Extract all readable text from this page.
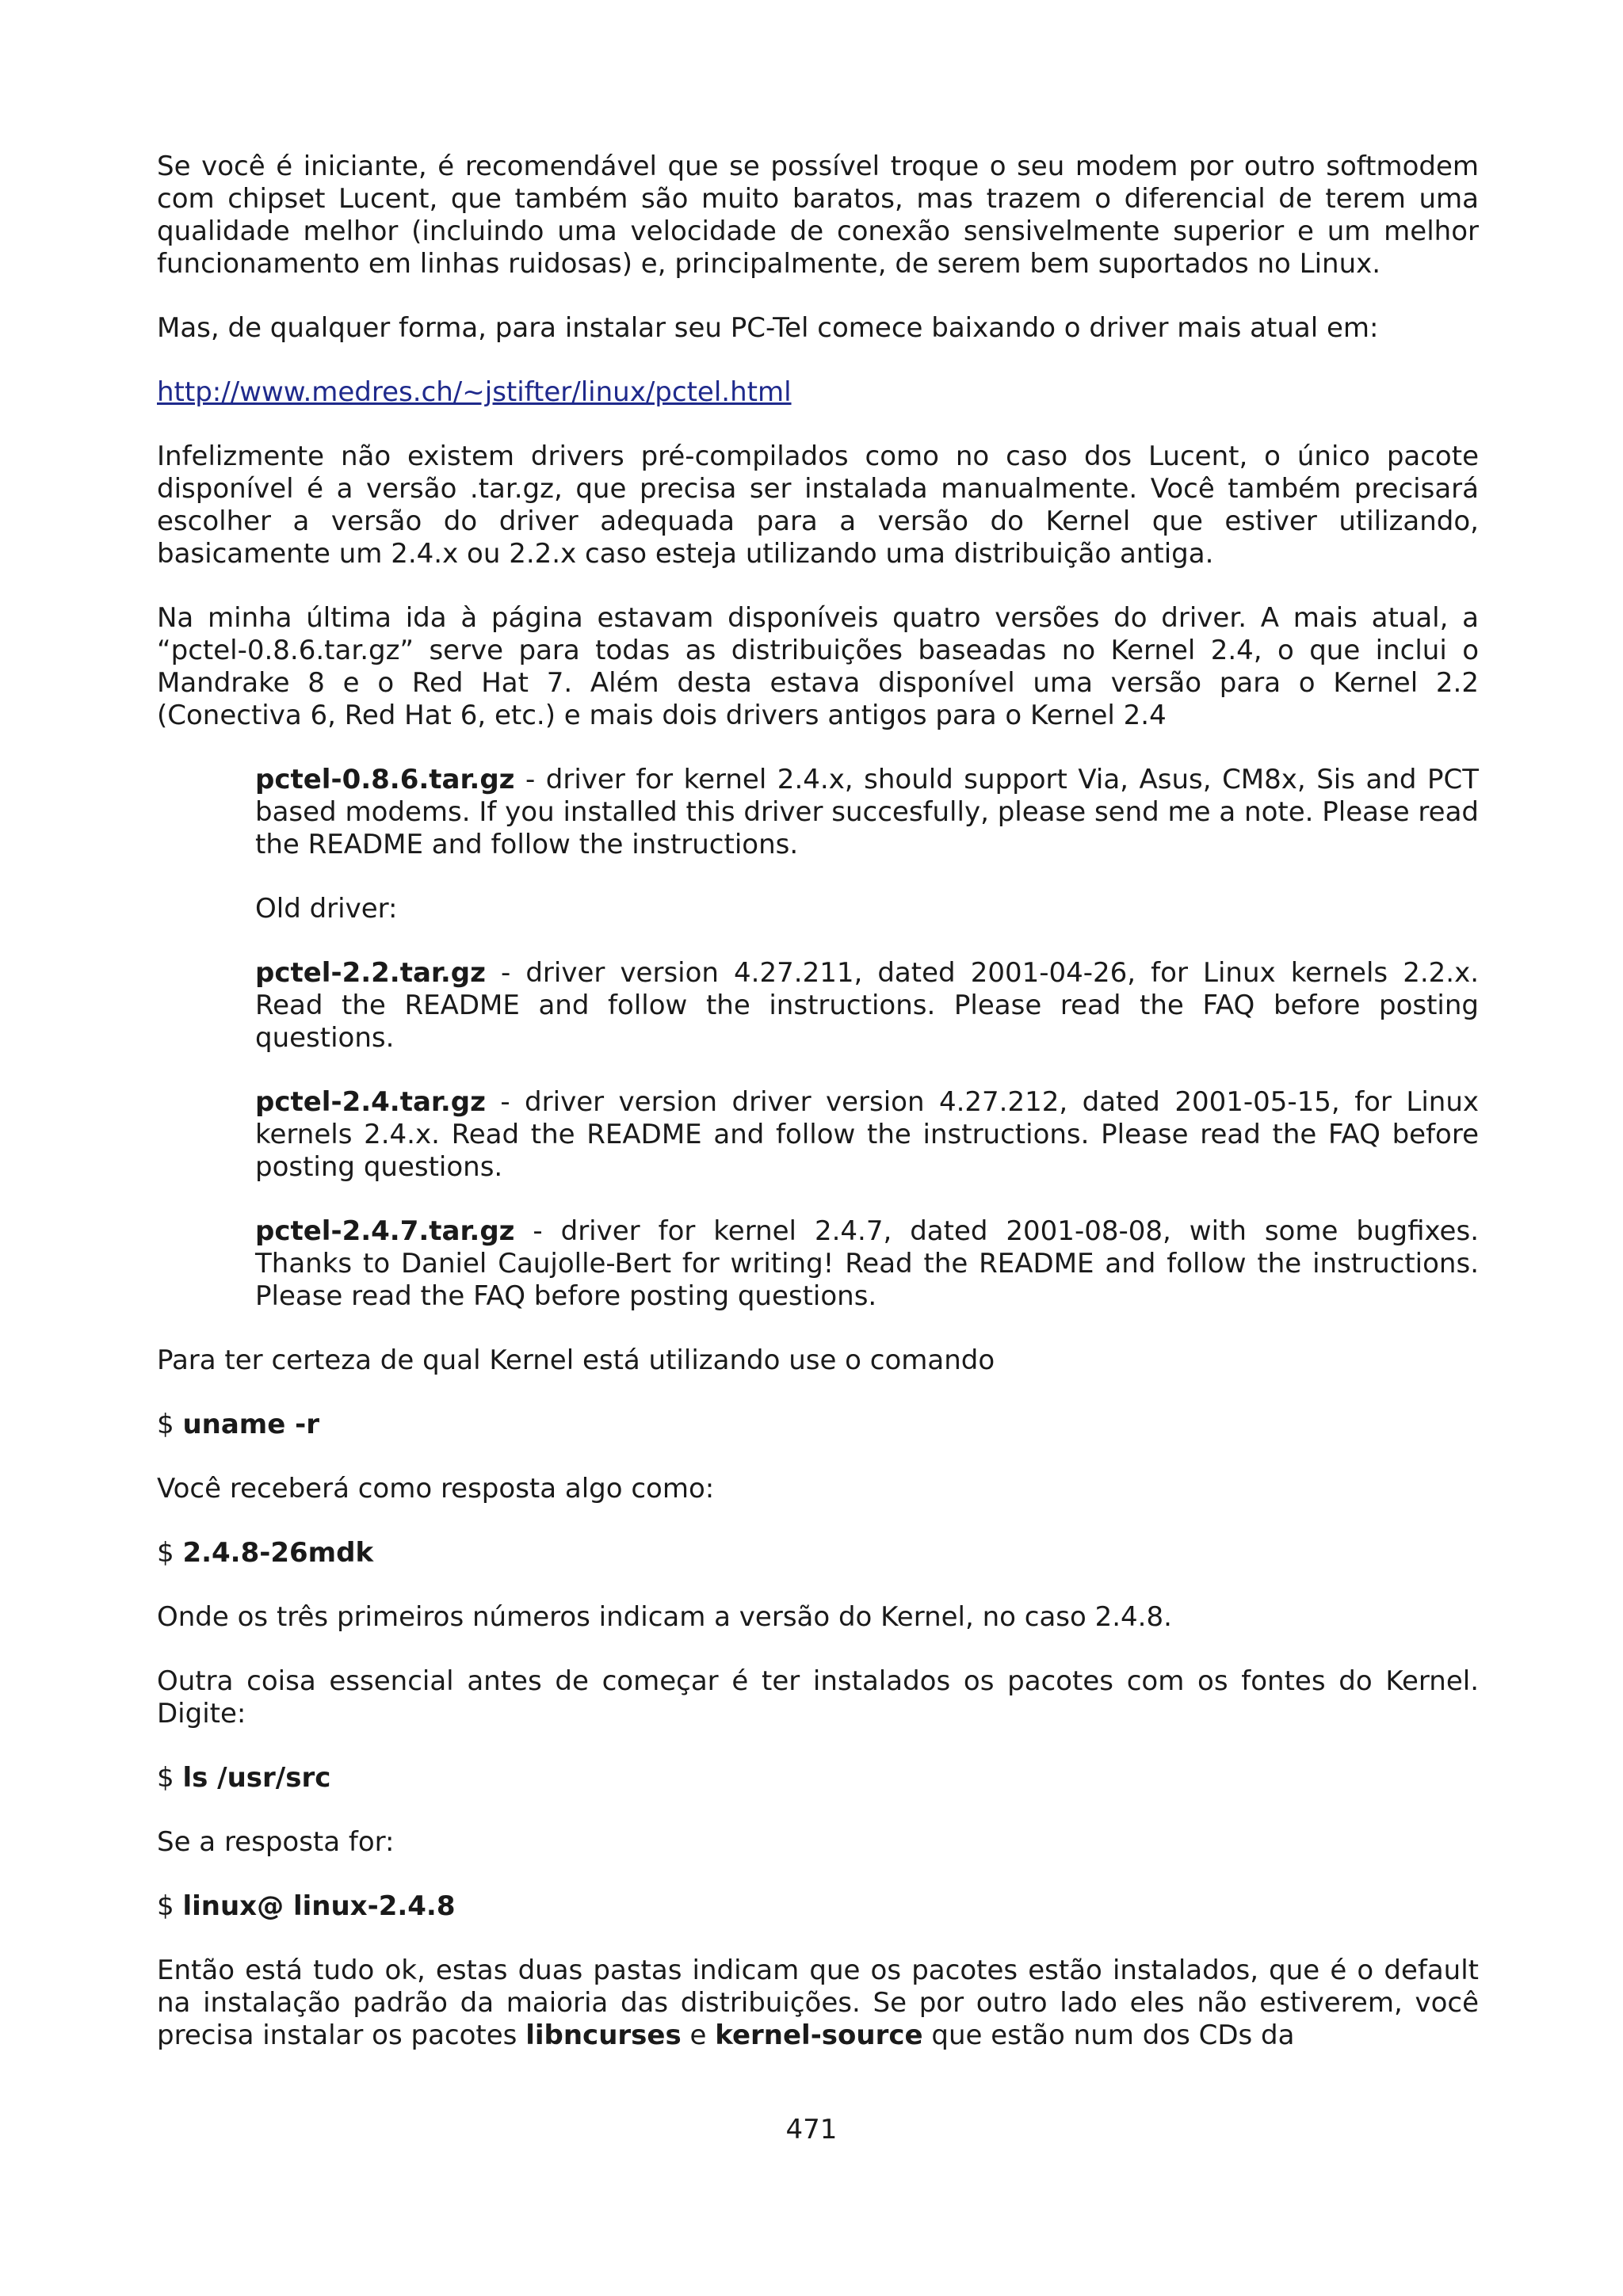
Se você é iniciante, é recomendável que se possível troque o seu modem por outro softmodem com chipset Lucent, que também são muito baratos, mas trazem o diferencial de terem uma qualidade melhor (incluindo uma velocidade de conexão sensivelmente superior e um melhor funcionamento em linhas ruidosas) e, principalmente, de serem bem suportados no Linux.

Mas, de qualquer forma, para instalar seu PC-Tel comece baixando o driver mais atual em:

http://www.medres.ch/~jstifter/linux/pctel.html

Infelizmente não existem drivers pré-compilados como no caso dos Lucent, o único pacote disponível é a versão .tar.gz, que precisa ser instalada manualmente. Você também precisará escolher a versão do driver adequada para a versão do Kernel que estiver utilizando, basicamente um 2.4.x ou 2.2.x caso esteja utilizando uma distribuição antiga.

Na minha última ida à página estavam disponíveis quatro versões do driver. A mais atual, a “pctel-0.8.6.tar.gz” serve para todas as distribuições baseadas no Kernel 2.4, o que inclui o Mandrake 8 e o Red Hat 7. Além desta estava disponível uma versão para o Kernel 2.2 (Conectiva 6, Red Hat 6, etc.) e mais dois drivers antigos para o Kernel 2.4

pctel-0.8.6.tar.gz - driver for kernel 2.4.x, should support Via, Asus, CM8x, Sis and PCT based modems. If you installed this driver succesfully, please send me a note. Please read the README and follow the instructions.

Old driver:

pctel-2.2.tar.gz - driver version 4.27.211, dated 2001-04-26, for Linux kernels 2.2.x. Read the README and follow the instructions. Please read the FAQ before posting questions.

pctel-2.4.tar.gz - driver version driver version 4.27.212, dated 2001-05-15, for Linux kernels 2.4.x. Read the README and follow the instructions. Please read the FAQ before posting questions.

pctel-2.4.7.tar.gz - driver for kernel 2.4.7, dated 2001-08-08, with some bugfixes. Thanks to Daniel Caujolle-Bert for writing! Read the README and follow the instructions. Please read the FAQ before posting questions.

Para ter certeza de qual Kernel está utilizando use o comando

$ uname -r

Você receberá como resposta algo como:

$ 2.4.8-26mdk

Onde os três primeiros números indicam a versão do Kernel, no caso 2.4.8.

Outra coisa essencial antes de começar é ter instalados os pacotes com os fontes do Kernel. Digite:

$ ls /usr/src

Se a resposta for:

$ linux@ linux-2.4.8

Então está tudo ok, estas duas pastas indicam que os pacotes estão instalados, que é o default na instalação padrão da maioria das distribuições. Se por outro lado eles não estiverem, você precisa instalar os pacotes libncurses e kernel-source que estão num dos CDs da

471
